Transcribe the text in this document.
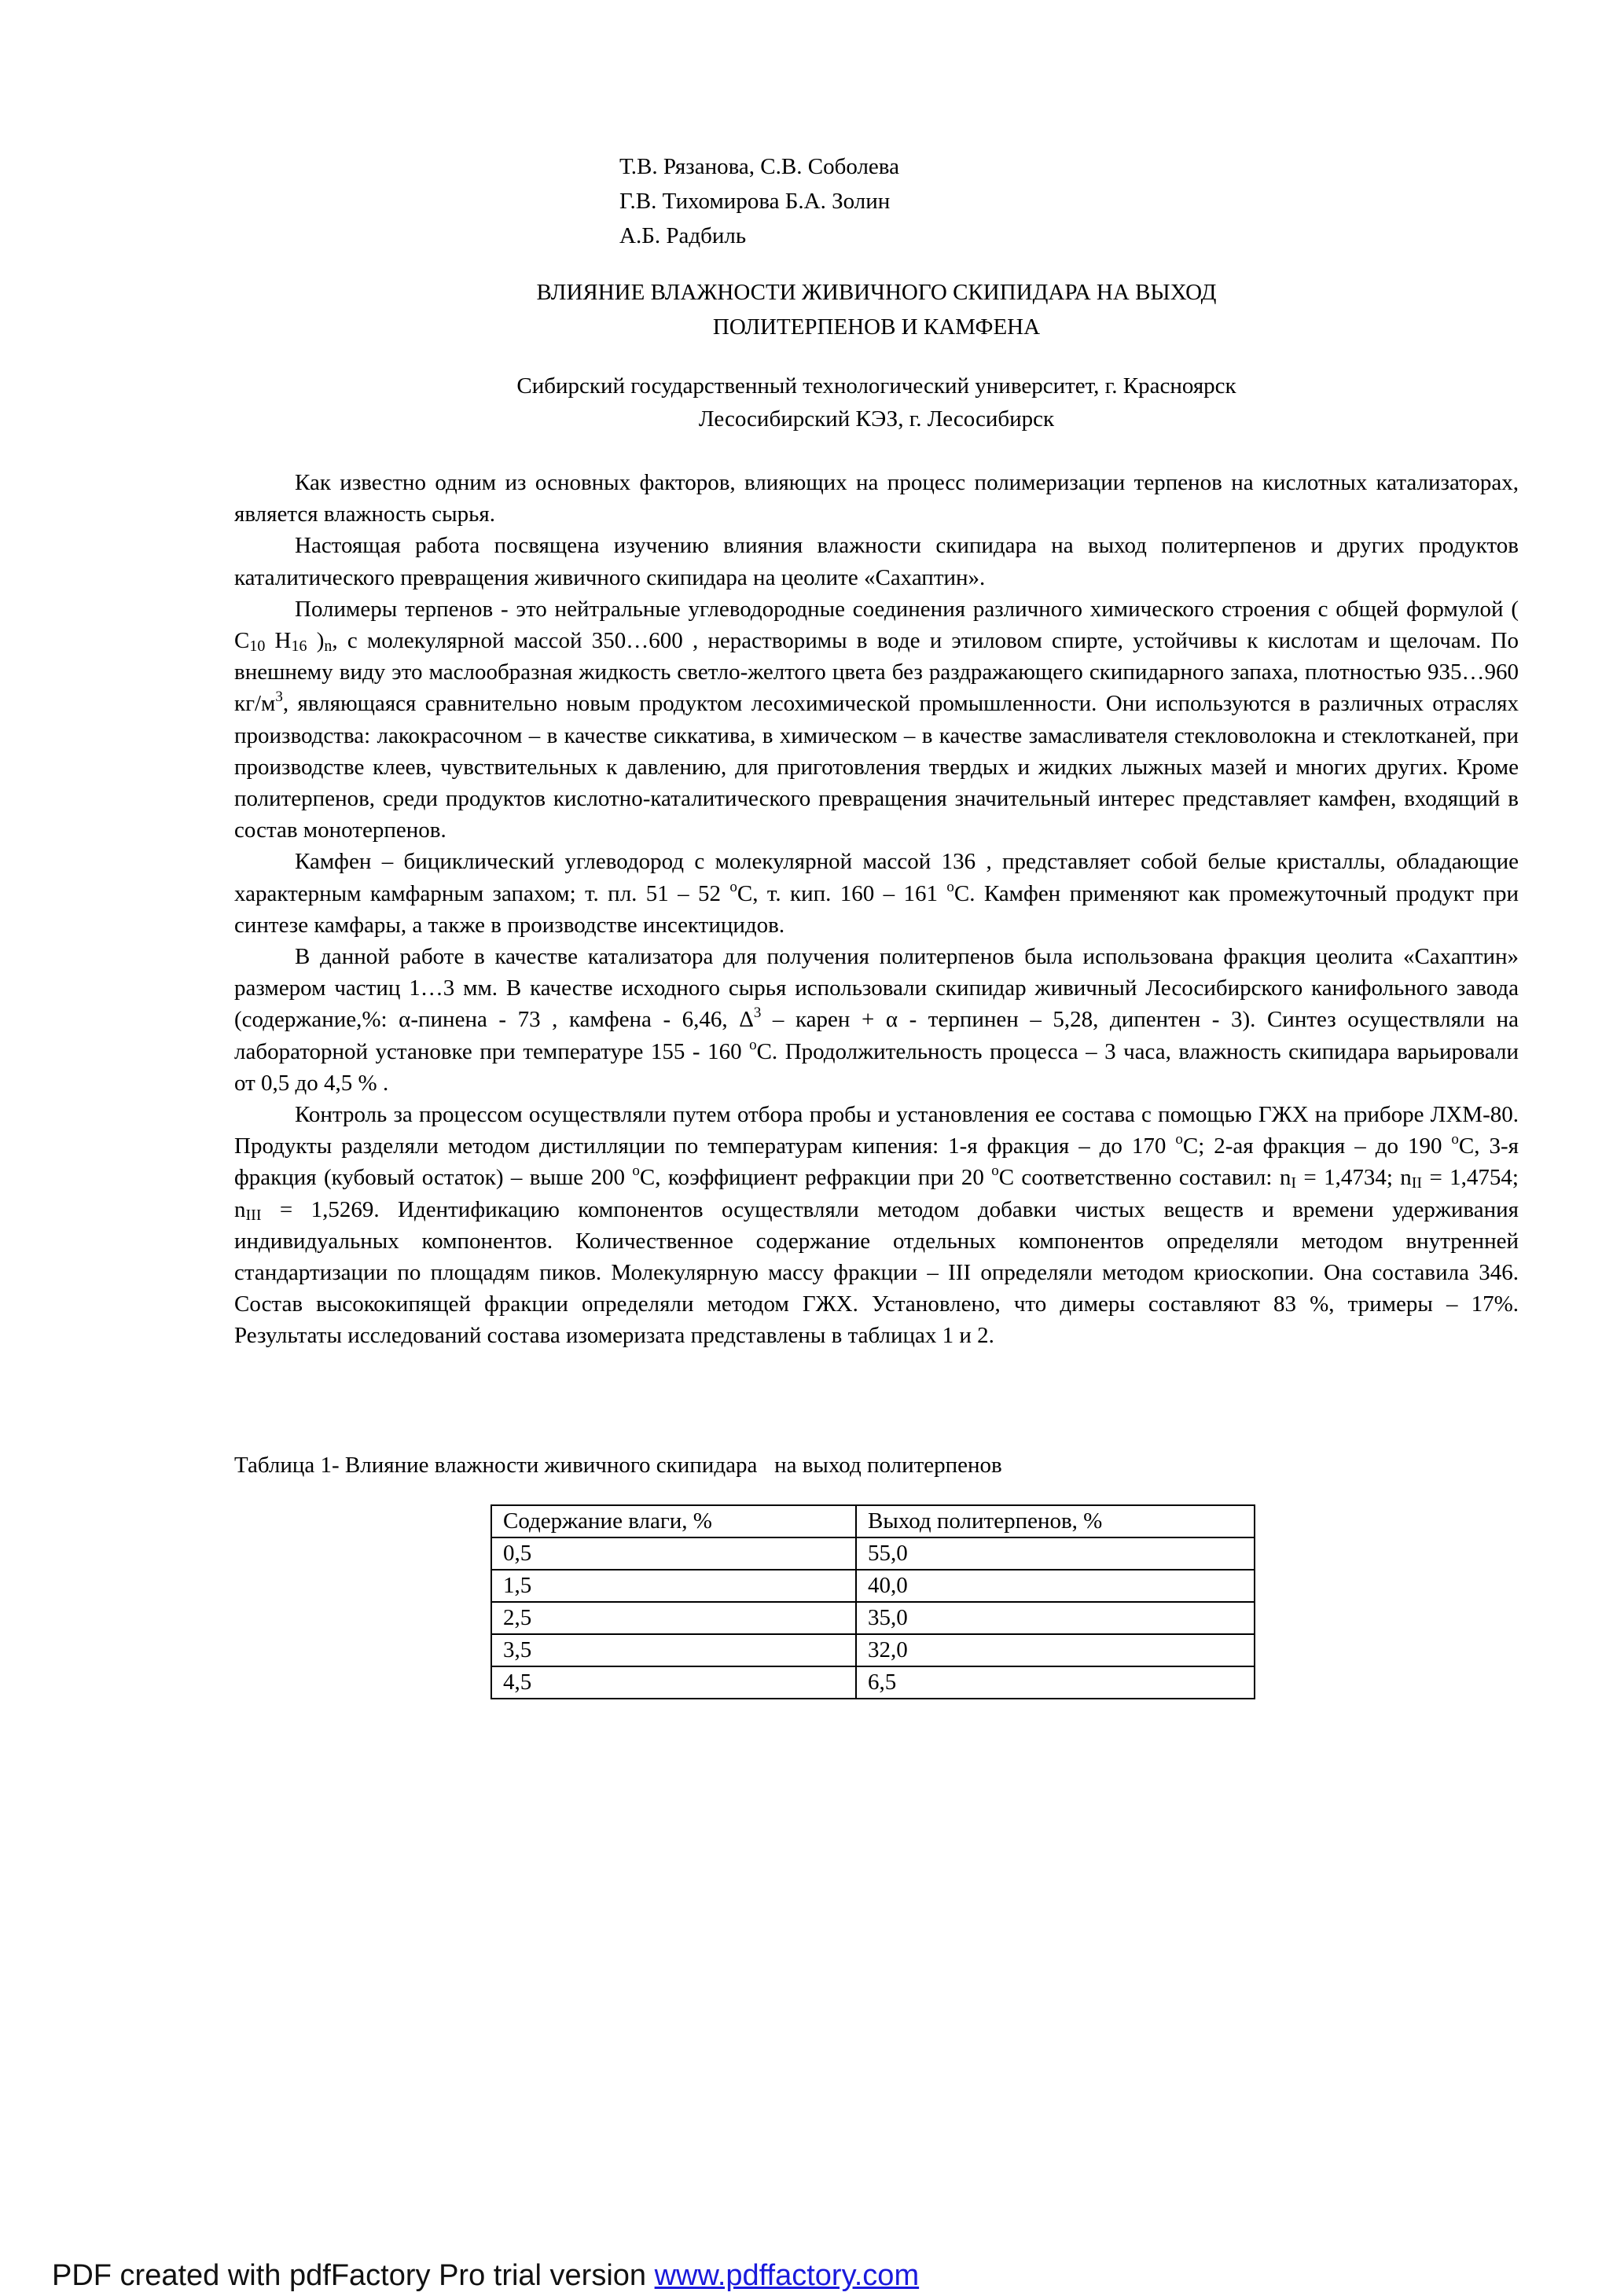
Т.В. Рязанова, С.В. Соболева
Г.В. Тихомирова Б.А. Золин
А.Б. Радбиль
ВЛИЯНИЕ ВЛАЖНОСТИ ЖИВИЧНОГО СКИПИДАРА НА ВЫХОД
ПОЛИТЕРПЕНОВ И КАМФЕНА
Сибирский государственный технологический университет, г. Красноярск
Лесосибирский КЭЗ, г. Лесосибирск

Как известно одним из основных факторов, влияющих на процесс полимеризации терпенов на кислотных катализаторах, является влажность сырья.

Настоящая работа посвящена изучению влияния влажности скипидара на выход политерпенов и других продуктов каталитического превращения живичного скипидара на цеолите «Сахаптин».

Полимеры терпенов - это нейтральные углеводородные соединения различного химического строения с общей формулой ( $C_{10}$ $H_{16}$ )$_n$, с молекулярной массой 350…600 , нерастворимы в воде и этиловом спирте, устойчивы к кислотам и щелочам. По внешнему виду это маслообразная жидкость светло-желтого цвета без раздражающего скипидарного запаха, плотностью 935…960 $кг/м^3$, являющаяся сравнительно новым продуктом лесохимической промышленности. Они используются в различных отраслях производства: лакокрасочном – в качестве сиккатива, в химическом – в качестве замасливателя стекловолокна и стеклотканей, при производстве клеев, чувствительных к давлению, для приготовления твердых и жидких лыжных мазей и многих других. Кроме политерпенов, среди продуктов кислотно-каталитического превращения значительный интерес представляет камфен, входящий в состав монотерпенов.

Камфен – бициклический углеводород с молекулярной массой 136 , представляет собой белые кристаллы, обладающие характерным камфарным запахом; т. пл. 51 – 52 $^о$С, т. кип. 160 – 161 $^о$С. Камфен применяют как промежуточный продукт при синтезе камфары, а также в производстве инсектицидов.

В данной работе в качестве катализатора для получения политерпенов была использована фракция цеолита «Сахаптин» размером частиц 1…3 мм. В качестве исходного сырья использовали скипидар живичный Лесосибирского канифольного завода (содержание,%: α-пинена - 73 , камфена - 6,46, $\Delta^3$ – карен + α - терпинен – 5,28, дипентен - 3). Синтез осуществляли на лабораторной установке при температуре 155 - 160 $^о$С. Продолжительность процесса – 3 часа, влажность скипидара варьировали от 0,5 до 4,5 % .

Контроль за процессом осуществляли путем отбора пробы и установления ее состава с помощью ГЖХ на приборе ЛХМ-80. Продукты разделяли методом дистилляции по температурам кипения: 1-я фракция – до 170 $^о$С; 2-ая фракция – до 190 $^о$С, 3-я фракция (кубовый остаток) – выше 200 $^о$С, коэффициент рефракции при 20 $^о$С соответственно составил: $n_I = 1,4734$; $n_{II} = 1,4754$; $n_{III} = 1,5269$. Идентификацию компонентов осуществляли методом добавки чистых веществ и времени удерживания индивидуальных компонентов. Количественное содержание отдельных компонентов определяли методом внутренней стандартизации по площадям пиков. Молекулярную массу фракции – III определяли методом криоскопии. Она составила 346. Состав высококипящей фракции определяли методом ГЖХ. Установлено, что димеры составляют 83 %, тримеры – 17%. Результаты исследований состава изомеризата представлены в таблицах 1 и 2.

Таблица 1- Влияние влажности живичного скипидара   на выход политерпенов
Содержание влаги, %	Выход политерпенов, %
0,5	55,0
1,5	40,0
2,5	35,0
3,5	32,0
4,5	6,5
PDF created with pdfFactory Pro trial version www.pdffactory.com
